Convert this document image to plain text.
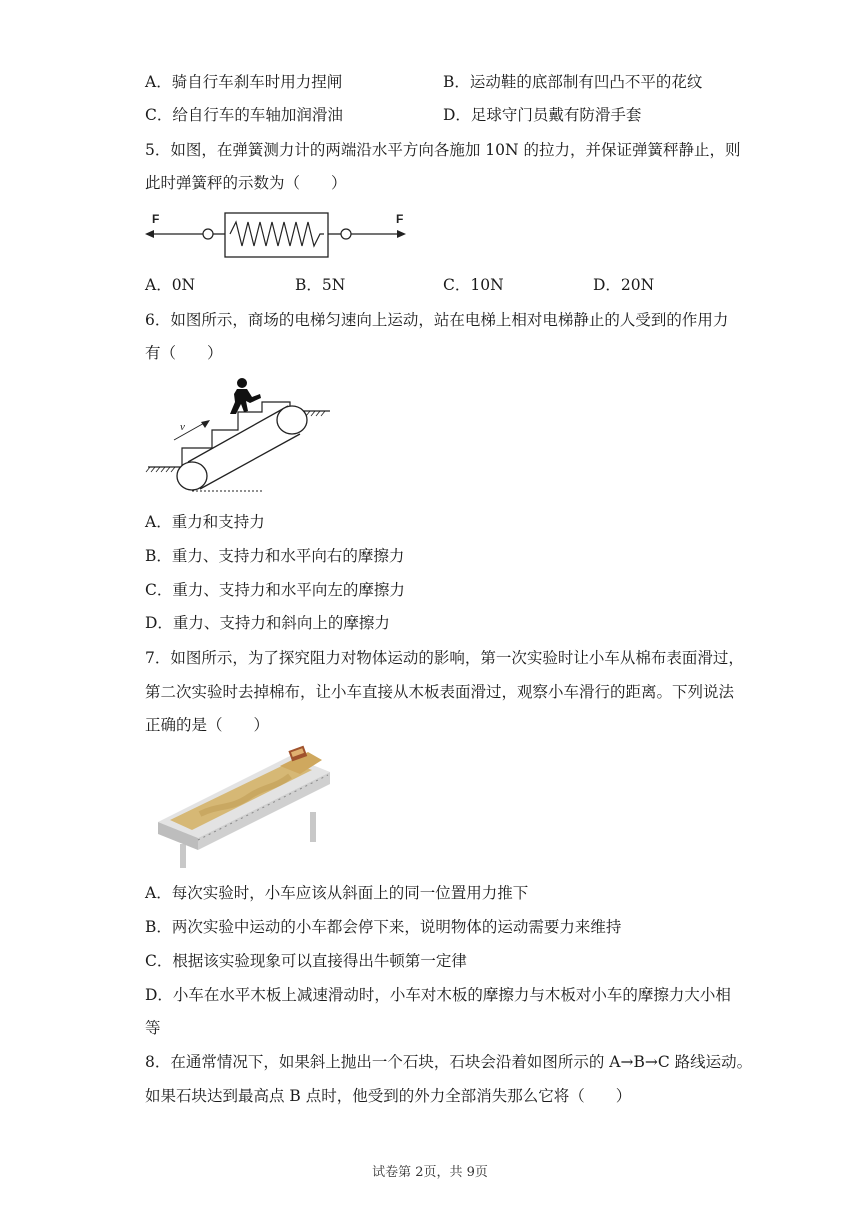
A．骑自行车刹车时用力捏闸	B．运动鞋的底部制有凹凸不平的花纹
C．给自行车的车轴加润滑油	D．足球守门员戴有防滑手套
5．如图，在弹簧测力计的两端沿水平方向各施加 10N 的拉力，并保证弹簧秤静止，则
此时弹簧秤的示数为（　　）
F	F
A．0N	B．5N	C．10N	D．20N
6．如图所示，商场的电梯匀速向上运动，站在电梯上相对电梯静止的人受到的作用力
有（　　）
v
A．重力和支持力
B．重力、支持力和水平向右的摩擦力
C．重力、支持力和水平向左的摩擦力
D．重力、支持力和斜向上的摩擦力
7．如图所示，为了探究阻力对物体运动的影响，第一次实验时让小车从棉布表面滑过，
第二次实验时去掉棉布，让小车直接从木板表面滑过，观察小车滑行的距离。下列说法
正确的是（　　）
A．每次实验时，小车应该从斜面上的同一位置用力推下
B．两次实验中运动的小车都会停下来，说明物体的运动需要力来维持
C．根据该实验现象可以直接得出牛顿第一定律
D．小车在水平木板上减速滑动时，小车对木板的摩擦力与木板对小车的摩擦力大小相
等
8．在通常情况下，如果斜上抛出一个石块，石块会沿着如图所示的 A→B→C 路线运动。
如果石块达到最高点 B 点时，他受到的外力全部消失那么它将（　　）
试卷第 2页，共 9页
